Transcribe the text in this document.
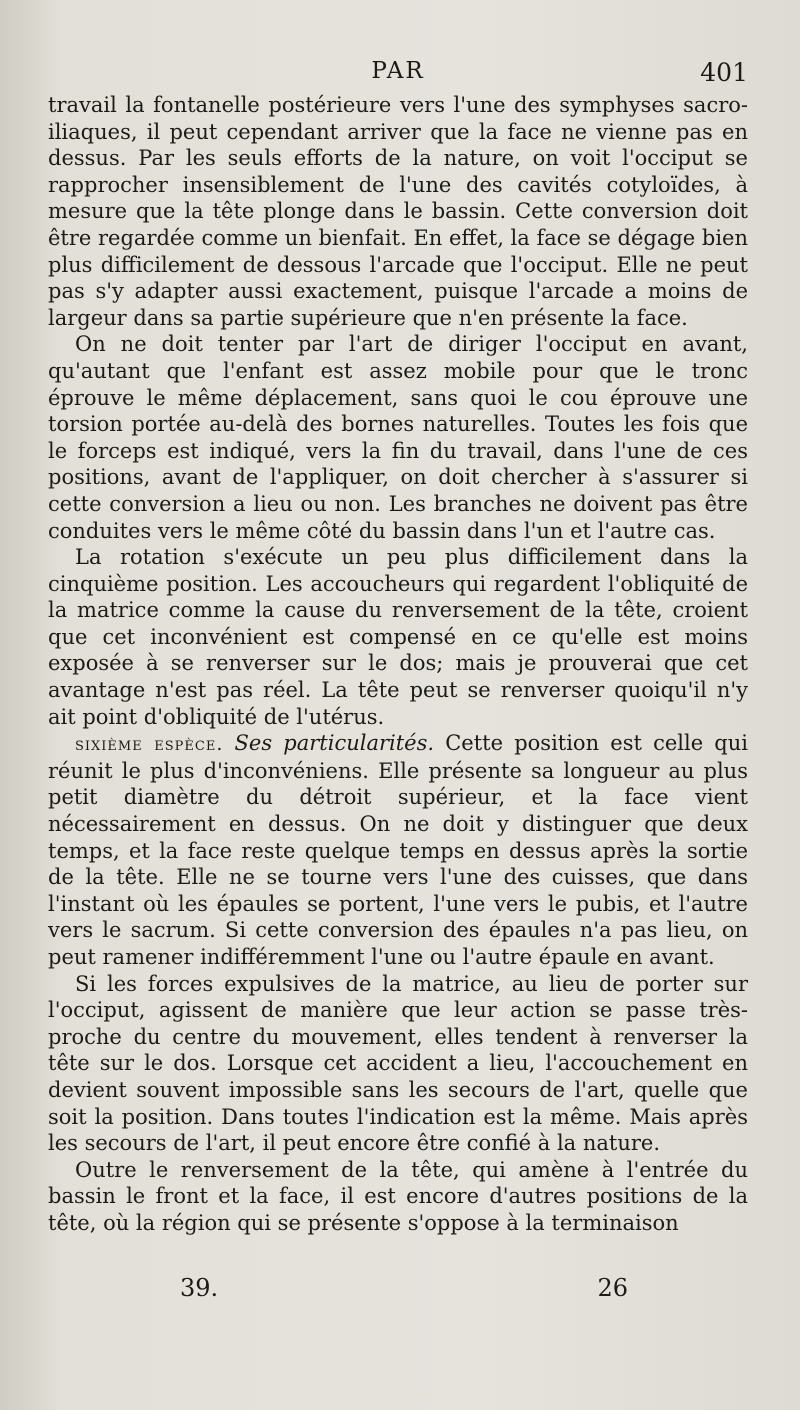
PAR	401

travail la fontanelle postérieure vers l'une des symphyses sacro-iliaques, il peut cependant arriver que la face ne vienne pas en dessus. Par les seuls efforts de la nature, on voit l'occiput se rapprocher insensiblement de l'une des cavités cotyloïdes, à mesure que la tête plonge dans le bassin. Cette conversion doit être regardée comme un bienfait. En effet, la face se dégage bien plus difficilement de dessous l'arcade que l'occiput. Elle ne peut pas s'y adapter aussi exactement, puisque l'arcade a moins de largeur dans sa partie supérieure que n'en présente la face.

On ne doit tenter par l'art de diriger l'occiput en avant, qu'autant que l'enfant est assez mobile pour que le tronc éprouve le même déplacement, sans quoi le cou éprouve une torsion portée au-delà des bornes naturelles. Toutes les fois que le forceps est indiqué, vers la fin du travail, dans l'une de ces positions, avant de l'appliquer, on doit chercher à s'assurer si cette conversion a lieu ou non. Les branches ne doivent pas être conduites vers le même côté du bassin dans l'un et l'autre cas.

La rotation s'exécute un peu plus difficilement dans la cinquième position. Les accoucheurs qui regardent l'obliquité de la matrice comme la cause du renversement de la tête, croient que cet inconvénient est compensé en ce qu'elle est moins exposée à se renverser sur le dos; mais je prouverai que cet avantage n'est pas réel. La tête peut se renverser quoiqu'il n'y ait point d'obliquité de l'utérus.

sixième espèce. Ses particularités. Cette position est celle qui réunit le plus d'inconvéniens. Elle présente sa longueur au plus petit diamètre du détroit supérieur, et la face vient nécessairement en dessus. On ne doit y distinguer que deux temps, et la face reste quelque temps en dessus après la sortie de la tête. Elle ne se tourne vers l'une des cuisses, que dans l'instant où les épaules se portent, l'une vers le pubis, et l'autre vers le sacrum. Si cette conversion des épaules n'a pas lieu, on peut ramener indifféremment l'une ou l'autre épaule en avant.

Si les forces expulsives de la matrice, au lieu de porter sur l'occiput, agissent de manière que leur action se passe très-proche du centre du mouvement, elles tendent à renverser la tête sur le dos. Lorsque cet accident a lieu, l'accouchement en devient souvent impossible sans les secours de l'art, quelle que soit la position. Dans toutes l'indication est la même. Mais après les secours de l'art, il peut encore être confié à la nature.

Outre le renversement de la tête, qui amène à l'entrée du bassin le front et la face, il est encore d'autres positions de la tête, où la région qui se présente s'oppose à la terminaison

39.	26
